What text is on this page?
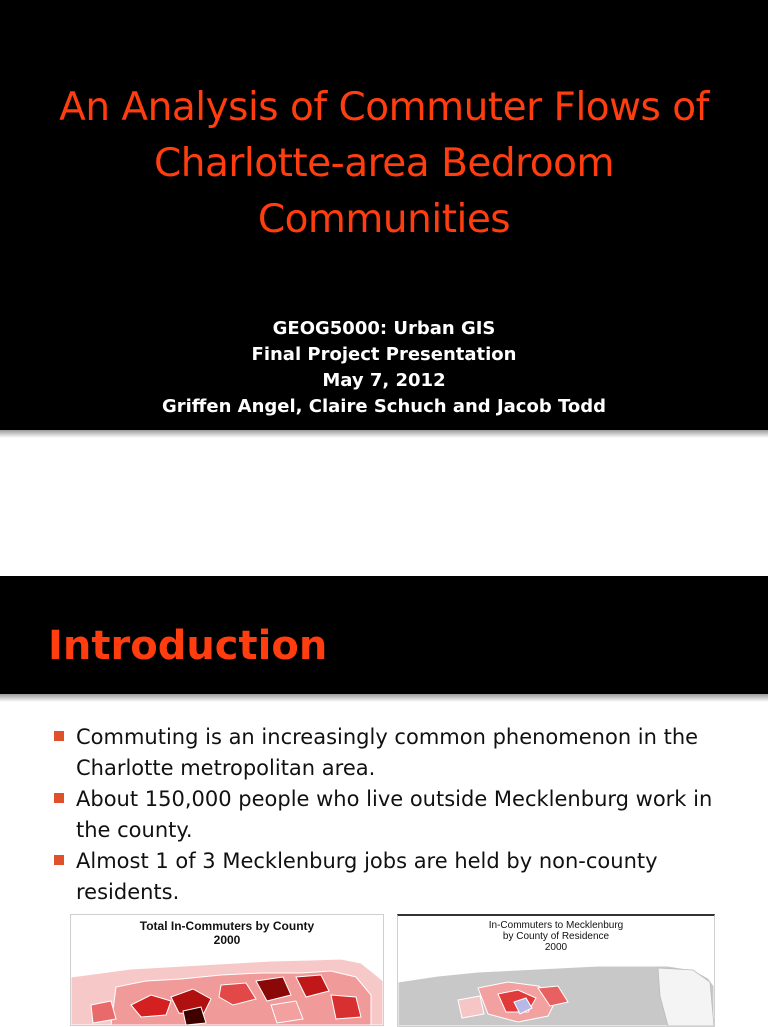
An Analysis of Commuter Flows of
Charlotte-area Bedroom
Communities
GEOG5000: Urban GIS
Final Project Presentation
May 7, 2012
Griffen Angel, Claire Schuch and Jacob Todd
Introduction
Commuting is an increasingly common phenomenon in the Charlotte metropolitan area.
About 150,000 people who live outside Mecklenburg work in the county.
Almost 1 of 3 Mecklenburg jobs are held by non-county residents.
Total In-Commuters by County
2000
In-Commuters to Mecklenburg
by County of Residence
2000
